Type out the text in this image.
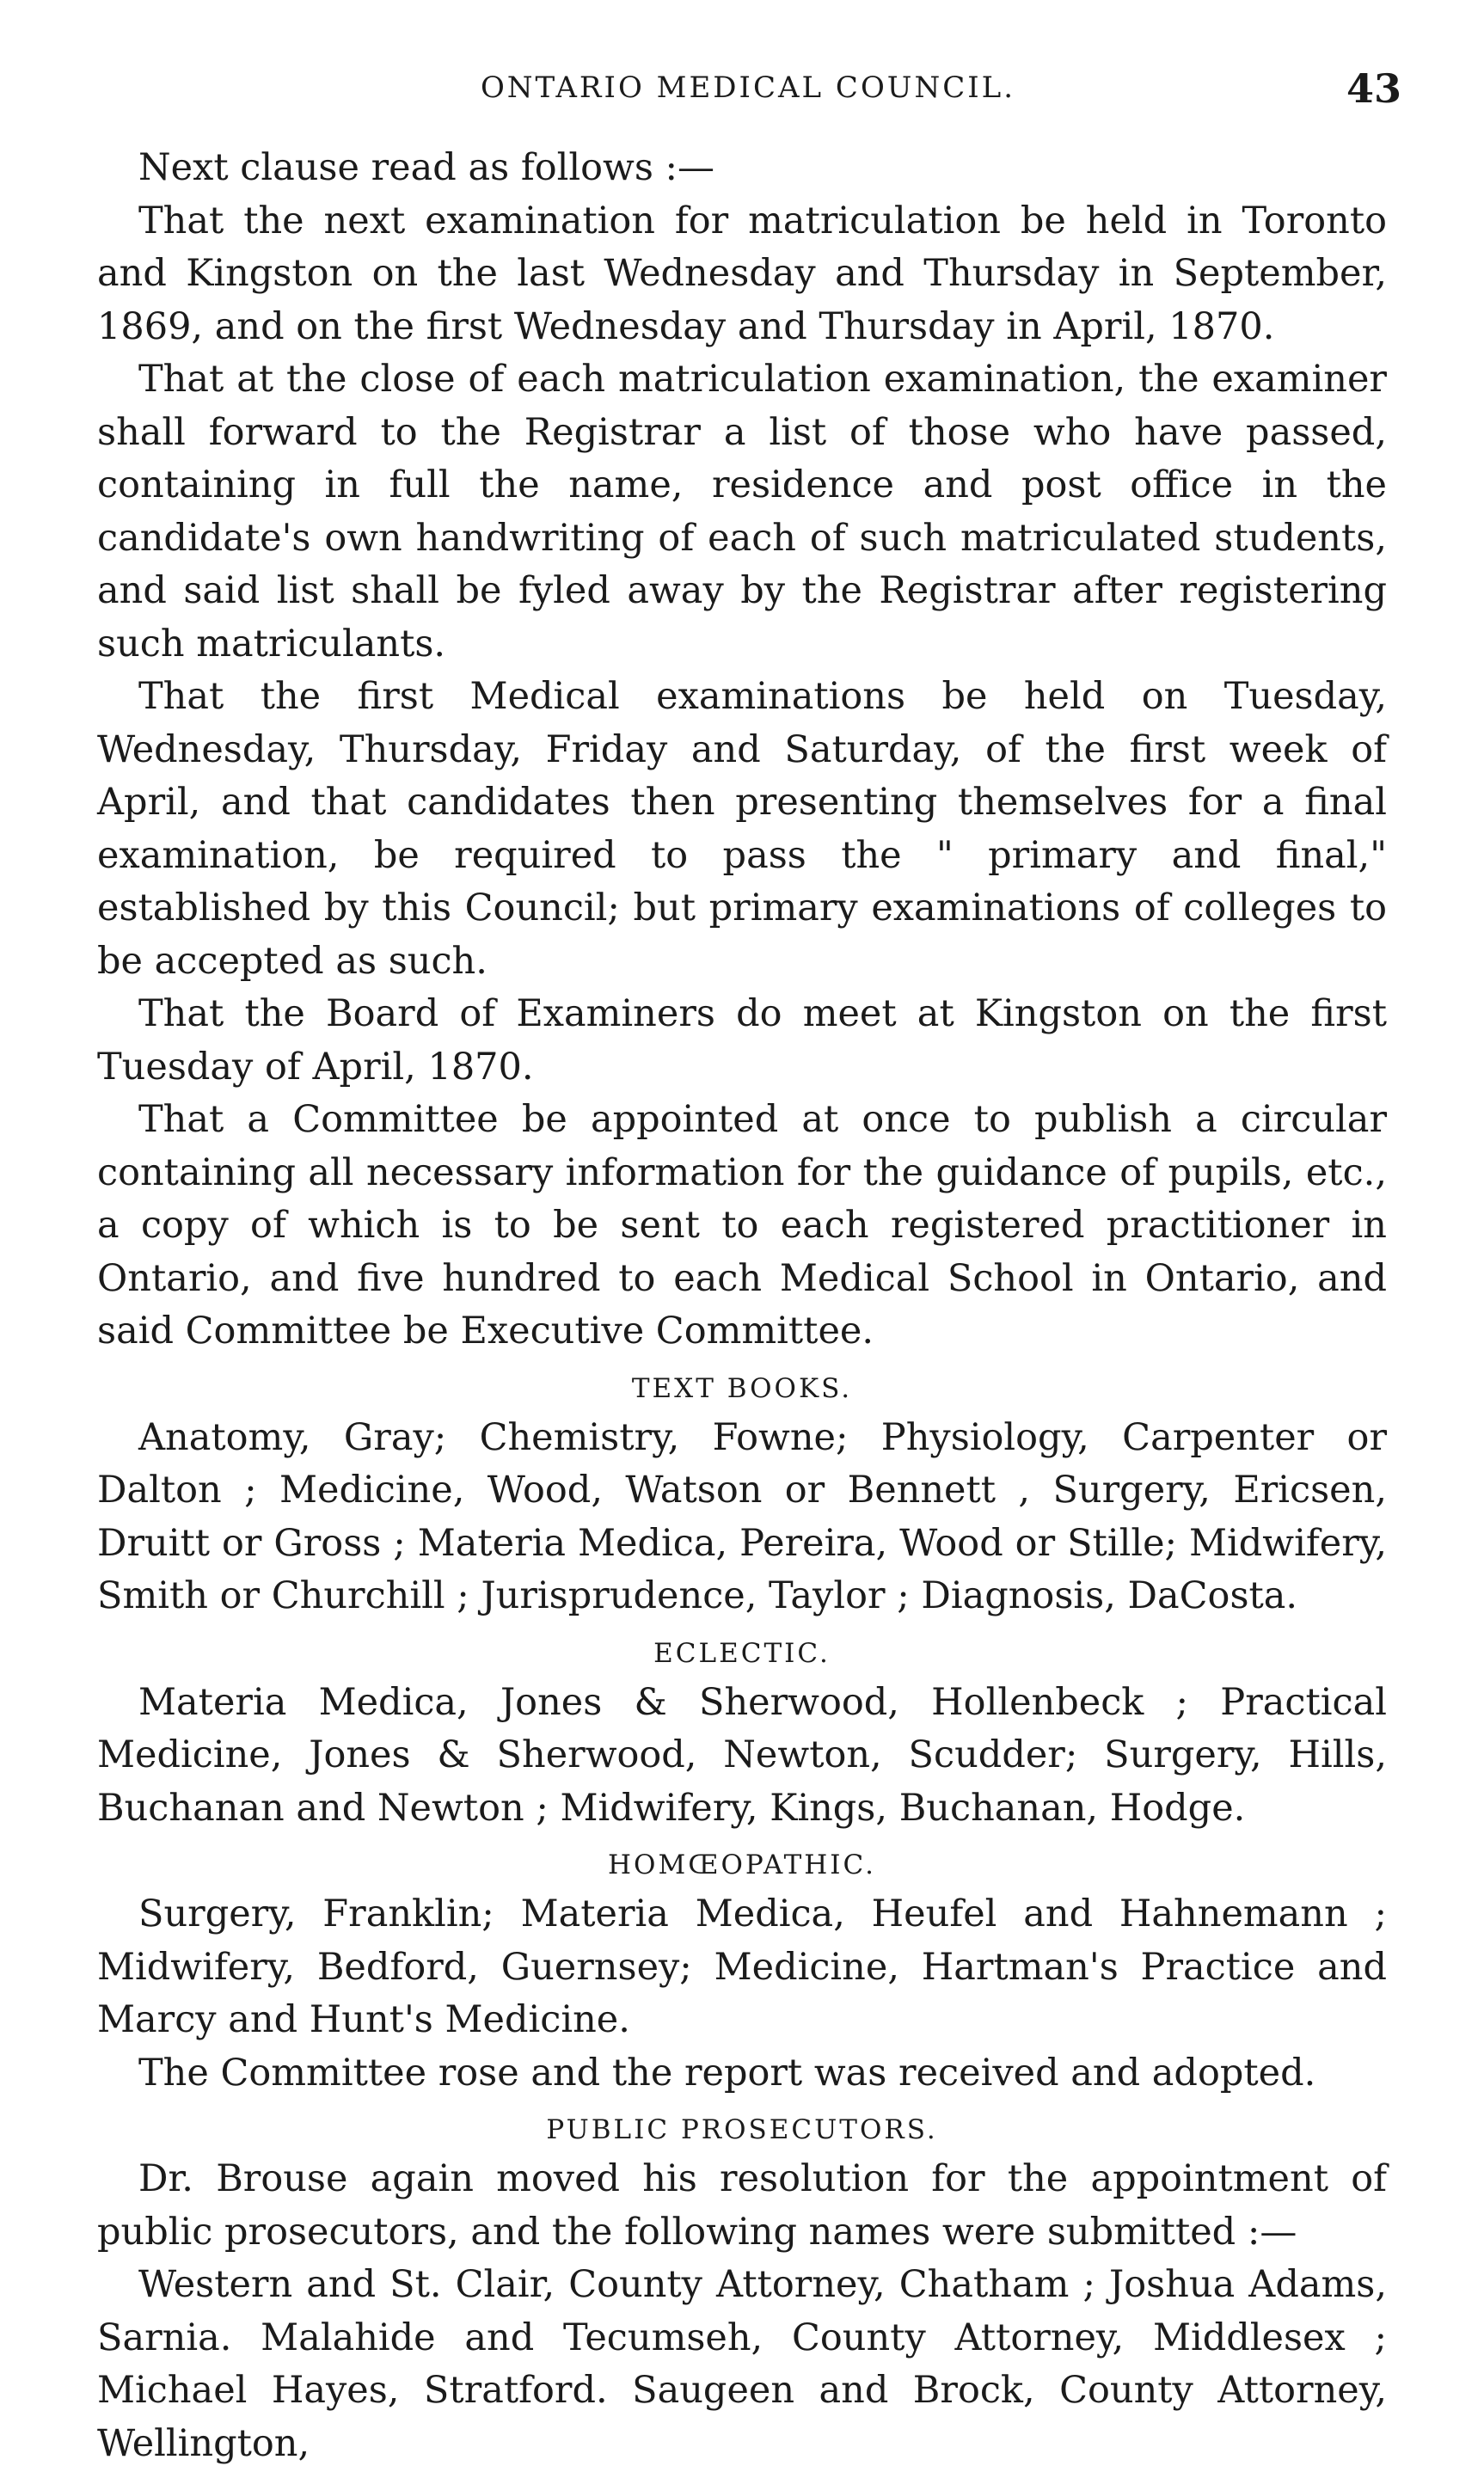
ONTARIO MEDICAL COUNCIL.	43

Next clause read as follows :—

That the next examination for matriculation be held in Toronto and Kingston on the last Wednesday and Thursday in September, 1869, and on the first Wednesday and Thursday in April, 1870.

That at the close of each matriculation examination, the examiner shall forward to the Registrar a list of those who have passed, containing in full the name, residence and post office in the candidate's own handwriting of each of such matriculated students, and said list shall be fyled away by the Registrar after registering such matriculants.

That the first Medical examinations be held on Tuesday, Wednesday, Thursday, Friday and Saturday, of the first week of April, and that candidates then presenting themselves for a final examination, be required to pass the " primary and final," established by this Council; but primary examinations of colleges to be accepted as such.

That the Board of Examiners do meet at Kingston on the first Tuesday of April, 1870.

That a Committee be appointed at once to publish a circular containing all necessary information for the guidance of pupils, etc., a copy of which is to be sent to each registered practitioner in Ontario, and five hundred to each Medical School in Ontario, and said Committee be Executive Committee.

TEXT BOOKS.

Anatomy, Gray; Chemistry, Fowne; Physiology, Carpenter or Dalton ; Medicine, Wood, Watson or Bennett , Surgery, Ericsen, Druitt or Gross ; Materia Medica, Pereira, Wood or Stille; Midwifery, Smith or Churchill ; Jurisprudence, Taylor ; Diagnosis, DaCosta.

ECLECTIC.

Materia Medica, Jones & Sherwood, Hollenbeck ; Practical Medicine, Jones & Sherwood, Newton, Scudder; Surgery, Hills, Buchanan and Newton ; Midwifery, Kings, Buchanan, Hodge.

HOMŒOPATHIC.

Surgery, Franklin; Materia Medica, Heufel and Hahnemann ; Midwifery, Bedford, Guernsey; Medicine, Hartman's Practice and Marcy and Hunt's Medicine.

The Committee rose and the report was received and adopted.

PUBLIC PROSECUTORS.

Dr. Brouse again moved his resolution for the appointment of public prosecutors, and the following names were submitted :—

Western and St. Clair, County Attorney, Chatham ; Joshua Adams, Sarnia. Malahide and Tecumseh, County Attorney, Middlesex ; Michael Hayes, Stratford. Saugeen and Brock, County Attorney, Wellington,
